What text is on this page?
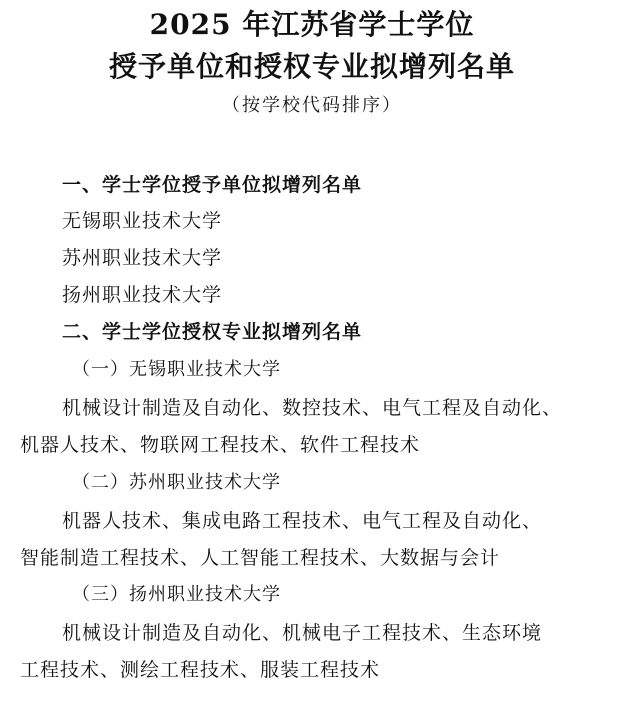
2025 年江苏省学士学位
授予单位和授权专业拟增列名单
（按学校代码排序）
一、学士学位授予单位拟增列名单
无锡职业技术大学
苏州职业技术大学
扬州职业技术大学
二、学士学位授权专业拟增列名单
（一）无锡职业技术大学
机械设计制造及自动化、数控技术、电气工程及自动化、
机器人技术、物联网工程技术、软件工程技术
（二）苏州职业技术大学
机器人技术、集成电路工程技术、电气工程及自动化、
智能制造工程技术、人工智能工程技术、大数据与会计
（三）扬州职业技术大学
机械设计制造及自动化、机械电子工程技术、生态环境
工程技术、测绘工程技术、服装工程技术
